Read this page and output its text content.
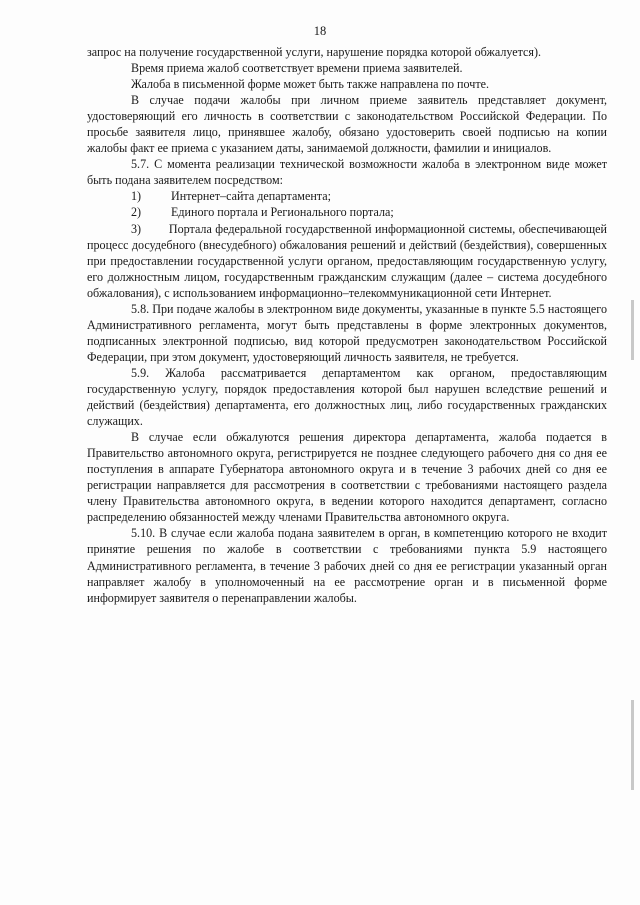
18

запрос на получение государственной услуги, нарушение порядка которой обжалуется).

Время приема жалоб соответствует времени приема заявителей.

Жалоба в письменной форме может быть также направлена по почте.

В случае подачи жалобы при личном приеме заявитель представляет документ, удостоверяющий его личность в соответствии с законодательством Российской Федерации. По просьбе заявителя лицо, принявшее жалобу, обязано удостоверить своей подписью на копии жалобы факт ее приема с указанием даты, занимаемой должности, фамилии и инициалов.

5.7. С момента реализации технической возможности жалоба в электронном виде может быть подана заявителем посредством:

1)	Интернет–сайта департамента;

2)	Единого портала и Регионального портала;

3) Портала федеральной государственной информационной системы, обеспечивающей процесс досудебного (внесудебного) обжалования решений и действий (бездействия), совершенных при предоставлении государственной услуги органом, предоставляющим государственную услугу, его должностным лицом, государственным гражданским служащим (далее – система досудебного обжалования), с использованием информационно–телекоммуникационной сети Интернет.

5.8. При подаче жалобы в электронном виде документы, указанные в пункте 5.5 настоящего Административного регламента, могут быть представлены в форме электронных документов, подписанных электронной подписью, вид которой предусмотрен законодательством Российской Федерации, при этом документ, удостоверяющий личность заявителя, не требуется.

5.9. Жалоба рассматривается департаментом как органом, предоставляющим государственную услугу, порядок предоставления которой был нарушен вследствие решений и действий (бездействия) департамента, его должностных лиц, либо государственных гражданских служащих.

В случае если обжалуются решения директора департамента, жалоба подается в Правительство автономного округа, регистрируется не позднее следующего рабочего дня со дня ее поступления в аппарате Губернатора автономного округа и в течение 3 рабочих дней со дня ее регистрации направляется для рассмотрения в соответствии с требованиями настоящего раздела члену Правительства автономного округа, в ведении которого находится департамент, согласно распределению обязанностей между членами Правительства автономного округа.

5.10. В случае если жалоба подана заявителем в орган, в компетенцию которого не входит принятие решения по жалобе в соответствии с требованиями пункта 5.9 настоящего Административного регламента, в течение 3 рабочих дней со дня ее регистрации указанный орган направляет жалобу в уполномоченный на ее рассмотрение орган и в письменной форме информирует заявителя о перенаправлении жалобы.
